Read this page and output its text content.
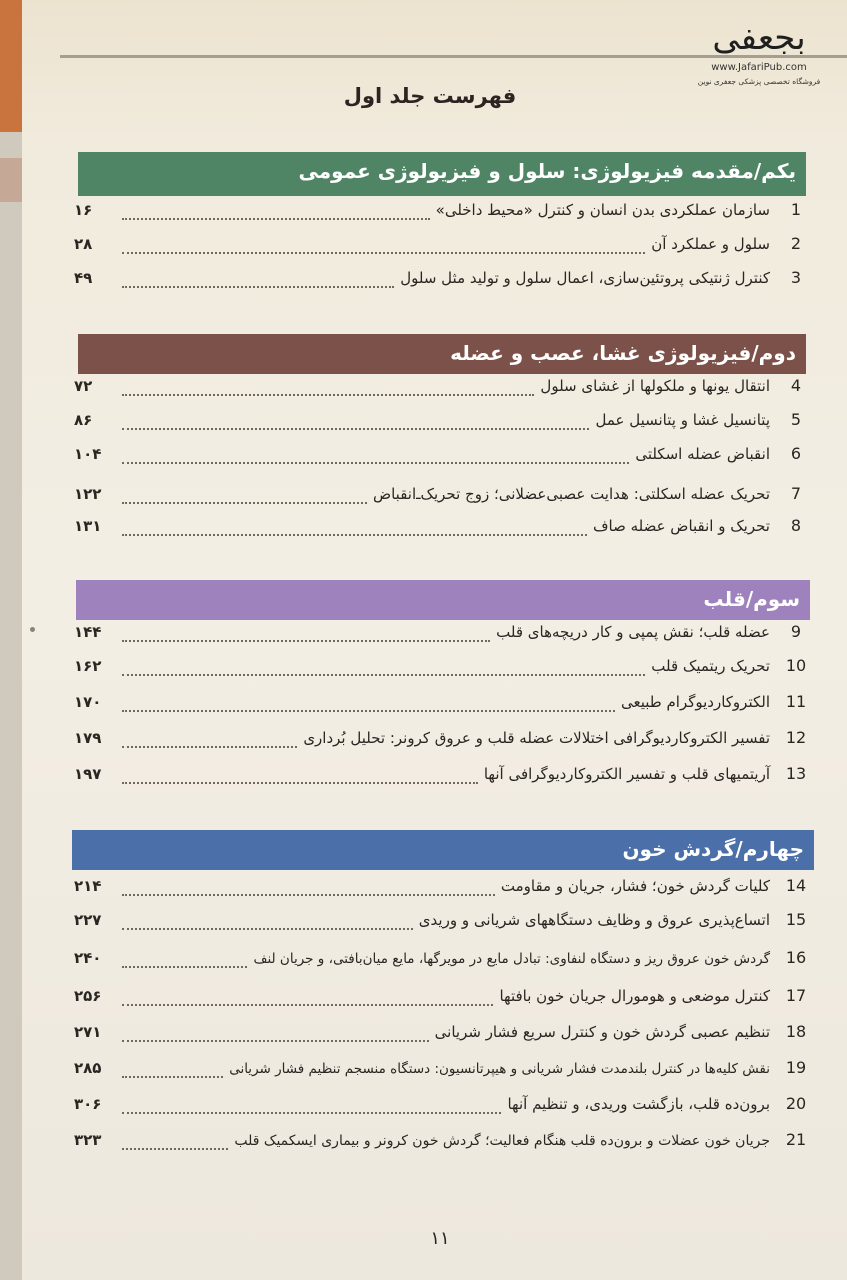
بجعفی
www.JafariPub.com
فروشگاه تخصصی پزشکی جعفری نوین
فهرست جلد اول
یکم/مقدمه فیزیولوژی: سلول و فیزیولوژی عمومی
1
سازمان عملکردی بدن انسان و کنترل «محیط داخلی»
۱۶
2
سلول و عملکرد آن
۲۸
3
کنترل ژنتیکی پروتئین‌سازی، اعمال سلول و تولید مثل سلول
۴۹
دوم/فیزیولوژی غشا، عصب و عضله
4
انتقال یونها و ملکولها از غشای سلول
۷۲
5
پتانسیل غشا و پتانسیل عمل
۸۶
6
انقباض عضله اسکلتی
۱۰۴
7
تحریک عضله اسکلتی: هدایت عصبی‌عضلانی؛ زوج تحریک‌ـ‌انقباض
۱۲۲
8
تحریک و انقباض عضله صاف
۱۳۱
سوم/قلب
9
عضله قلب؛ نقش پمپی و کار دریچه‌های قلب
۱۴۴
10
تحریک ریتمیک قلب
۱۶۲
11
الکتروکاردیوگرام طبیعی
۱۷۰
12
تفسیر الکتروکاردیوگرافی اختلالات عضله قلب و عروق کرونر: تحلیل بُرداری
۱۷۹
13
آریتمیهای قلب و تفسیر الکتروکاردیوگرافی آنها
۱۹۷
چهارم/گردش خون
14
کلیات گردش خون؛ فشار، جریان و مقاومت
۲۱۴
15
اتساع‌پذیری عروق و وظایف دستگاههای شریانی و وریدی
۲۲۷
16
گردش خون عروق ریز و دستگاه لنفاوی: تبادل مایع در مویرگها، مایع میان‌بافتی، و جریان لنف
۲۴۰
17
کنترل موضعی و هومورال جریان خون بافتها
۲۵۶
18
تنظیم عصبی گردش خون و کنترل سریع فشار شریانی
۲۷۱
19
نقش کلیه‌ها در کنترل بلندمدت فشار شریانی و هیپرتانسیون: دستگاه منسجم تنظیم فشار شریانی
۲۸۵
20
برون‌ده قلب، بازگشت وریدی، و تنظیم آنها
۳۰۶
21
جریان خون عضلات و برون‌ده قلب هنگام فعالیت؛ گردش خون کرونر و بیماری ایسکمیک قلب
۳۲۳
۱۱
